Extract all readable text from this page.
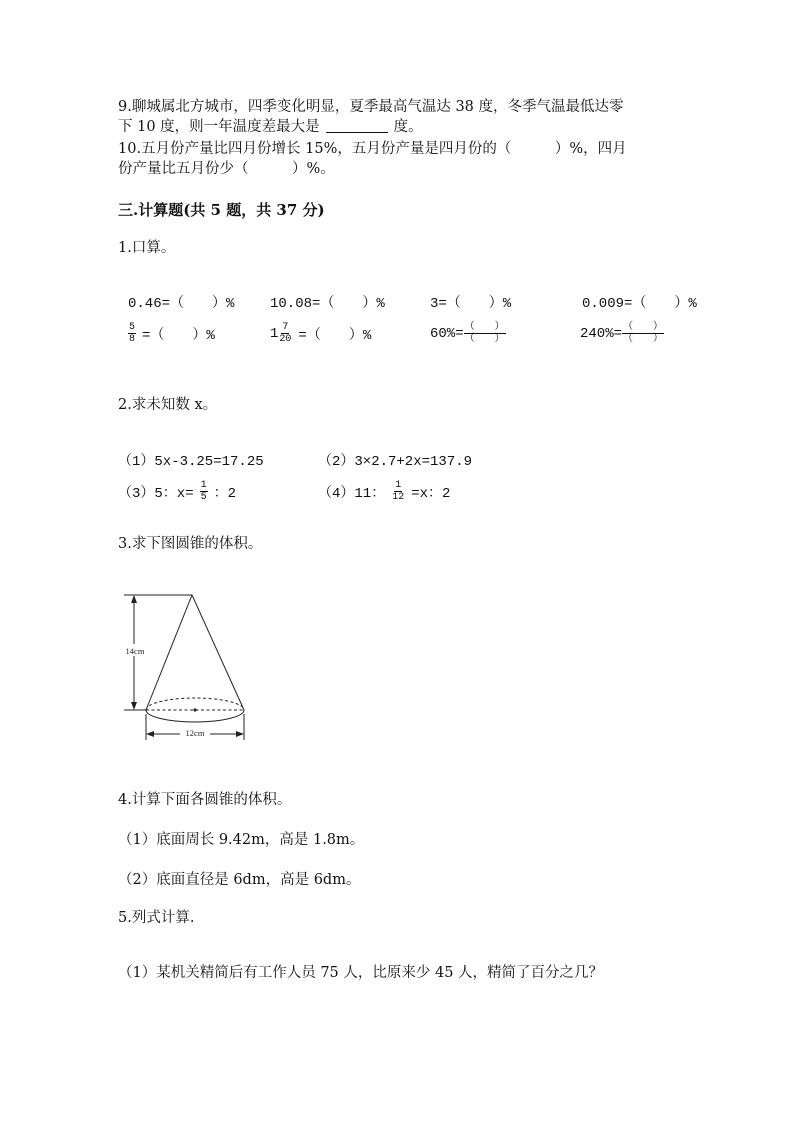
9.聊城属北方城市，四季变化明显，夏季最高气温达 38 度，冬季气温最低达零
下 10 度，则一年温度差最大是	度。
10.五月份产量比四月份增长 15%，五月份产量是四月份的（　　　）%，四月
份产量比五月份少（　　　）%。
三.计算题(共 5 题，共 37 分)
1.口算。
0.46=（　　）%	10.08=（　　）%	3=（　　）%	0.009=（　　）%
$\frac{5}{8}$ =（　　）%	$1 \frac{7}{20}$ =（　　）%	$60\%= \frac{( )}{( )}$	$240\%= \frac{( )}{( )}$
2.求未知数 x。
（1）5x-3.25=17.25	（2）3×2.7+2x=137.9
（3）5：$x= \frac{1}{5}$ ：2	（4）11： $\frac{1}{12} =x$：2
3.求下图圆锥的体积。
14cm
12cm
4.计算下面各圆锥的体积。
（1）底面周长 9.42m，高是 1.8m。
（2）底面直径是 6dm，高是 6dm。
5.列式计算.
（1）某机关精简后有工作人员 75 人，比原来少 45 人，精简了百分之几？
